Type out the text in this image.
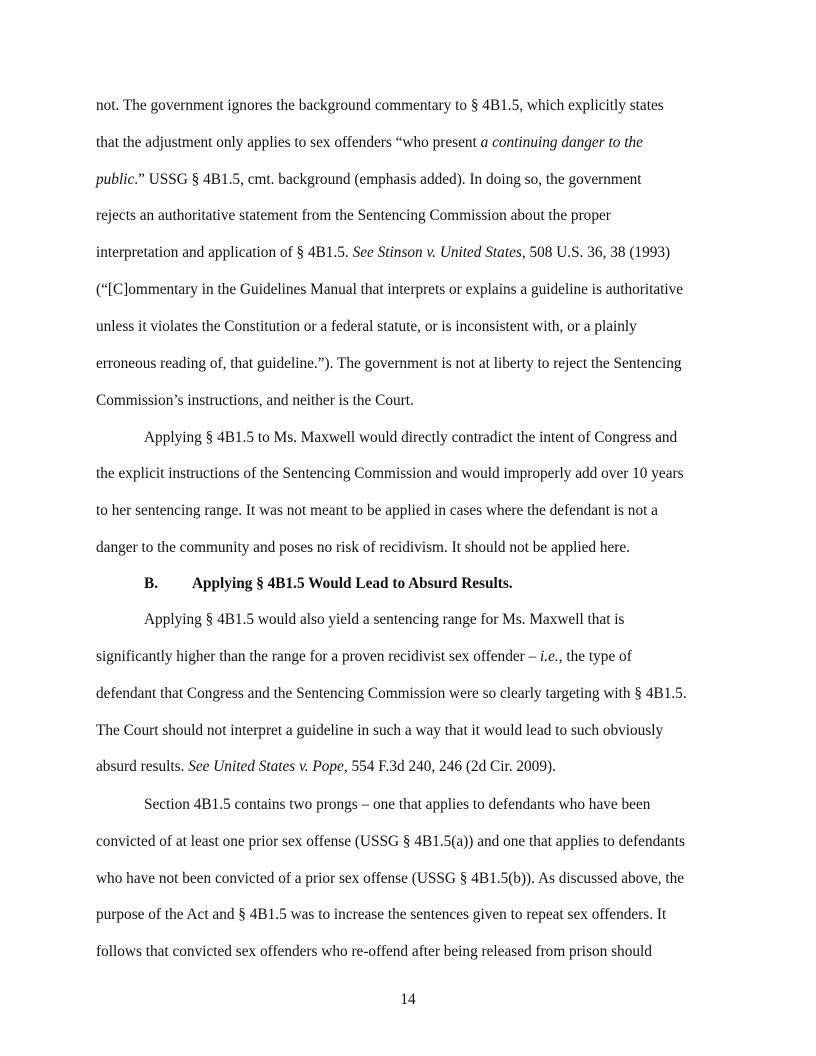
not. The government ignores the background commentary to § 4B1.5, which explicitly states
that the adjustment only applies to sex offenders “who present a continuing danger to the
public.” USSG § 4B1.5, cmt. background (emphasis added). In doing so, the government
rejects an authoritative statement from the Sentencing Commission about the proper
interpretation and application of § 4B1.5. See Stinson v. United States, 508 U.S. 36, 38 (1993)
(“[C]ommentary in the Guidelines Manual that interprets or explains a guideline is authoritative
unless it violates the Constitution or a federal statute, or is inconsistent with, or a plainly
erroneous reading of, that guideline.”). The government is not at liberty to reject the Sentencing
Commission’s instructions, and neither is the Court.
Applying § 4B1.5 to Ms. Maxwell would directly contradict the intent of Congress and
the explicit instructions of the Sentencing Commission and would improperly add over 10 years
to her sentencing range. It was not meant to be applied in cases where the defendant is not a
danger to the community and poses no risk of recidivism. It should not be applied here.
B. Applying § 4B1.5 Would Lead to Absurd Results.
Applying § 4B1.5 would also yield a sentencing range for Ms. Maxwell that is
significantly higher than the range for a proven recidivist sex offender – i.e., the type of
defendant that Congress and the Sentencing Commission were so clearly targeting with § 4B1.5.
The Court should not interpret a guideline in such a way that it would lead to such obviously
absurd results. See United States v. Pope, 554 F.3d 240, 246 (2d Cir. 2009).
Section 4B1.5 contains two prongs – one that applies to defendants who have been
convicted of at least one prior sex offense (USSG § 4B1.5(a)) and one that applies to defendants
who have not been convicted of a prior sex offense (USSG § 4B1.5(b)). As discussed above, the
purpose of the Act and § 4B1.5 was to increase the sentences given to repeat sex offenders. It
follows that convicted sex offenders who re-offend after being released from prison should
14
